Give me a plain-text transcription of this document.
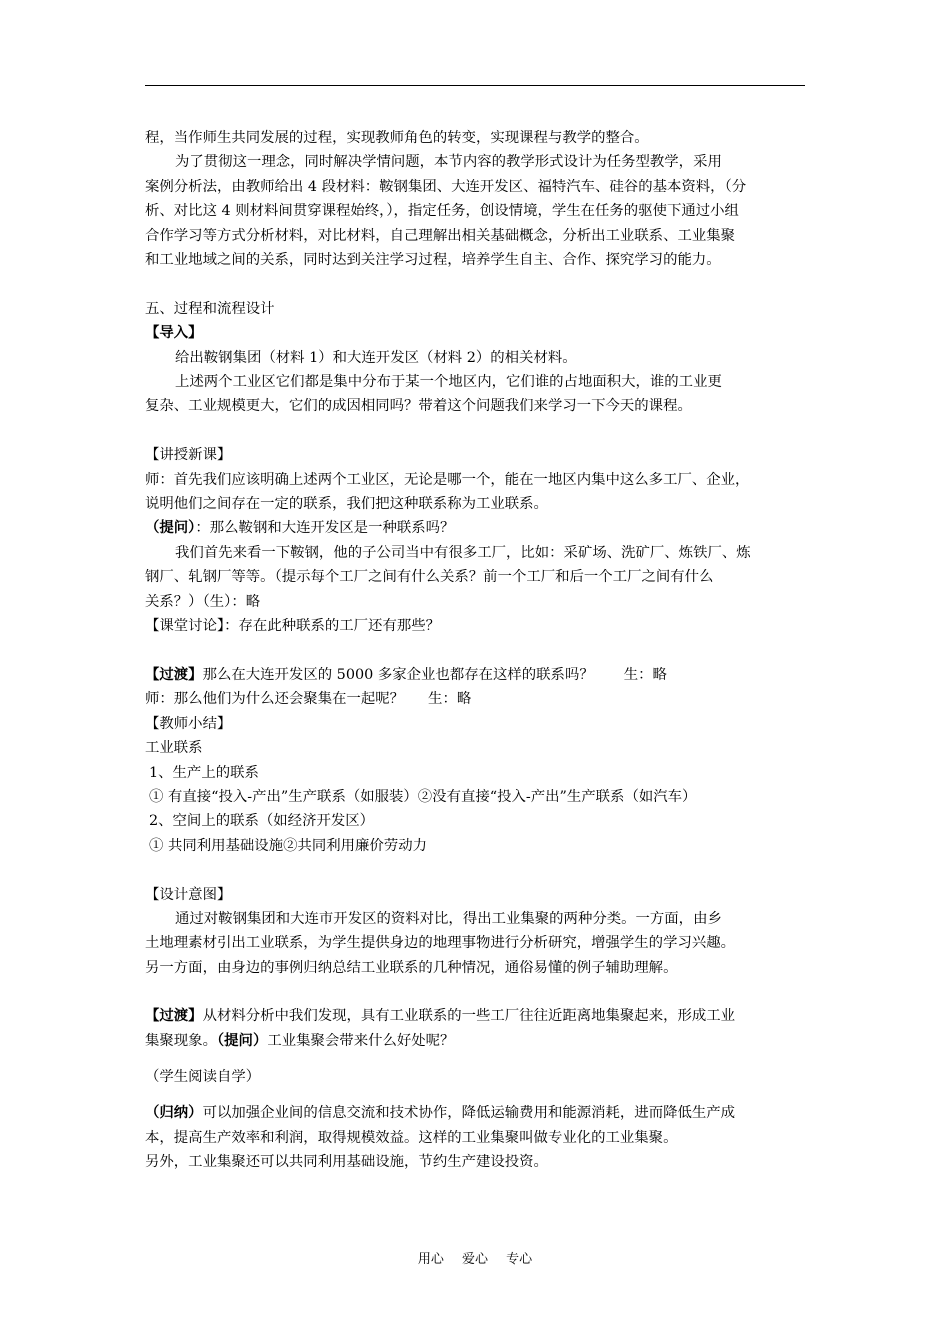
程，当作师生共同发展的过程，实现教师角色的转变，实现课程与教学的整合。

为了贯彻这一理念，同时解决学情问题，本节内容的教学形式设计为任务型教学，采用

案例分析法，由教师给出 4 段材料：鞍钢集团、大连开发区、福特汽车、硅谷的基本资料，（分

析、对比这 4 则材料间贯穿课程始终，），指定任务，创设情境，学生在任务的驱使下通过小组

合作学习等方式分析材料，对比材料，自己理解出相关基础概念，分析出工业联系、工业集聚

和工业地域之间的关系，同时达到关注学习过程，培养学生自主、合作、探究学习的能力。

五、过程和流程设计

【导入】

给出鞍钢集团（材料 1）和大连开发区（材料 2）的相关材料。

上述两个工业区它们都是集中分布于某一个地区内，它们谁的占地面积大，谁的工业更

复杂、工业规模更大，它们的成因相同吗？带着这个问题我们来学习一下今天的课程。

【讲授新课】

师：首先我们应该明确上述两个工业区，无论是哪一个，能在一地区内集中这么多工厂、企业，

说明他们之间存在一定的联系，我们把这种联系称为工业联系。

（提问）：那么鞍钢和大连开发区是一种联系吗？

我们首先来看一下鞍钢，他的子公司当中有很多工厂，比如：采矿场、洗矿厂、炼铁厂、炼

钢厂、轧钢厂等等。（提示每个工厂之间有什么关系？前一个工厂和后一个工厂之间有什么

关系？）（生）：略

【课堂讨论】：存在此种联系的工厂还有那些？

【过渡】那么在大连开发区的 5000 多家企业也都存在这样的联系吗？ 生：略

师：那么他们为什么还会聚集在一起呢？ 生：略

【教师小结】

工业联系

1、生产上的联系

① 有直接“投入-产出”生产联系（如服装）②没有直接“投入-产出”生产联系（如汽车）

2、空间上的联系（如经济开发区）

① 共同利用基础设施②共同利用廉价劳动力

【设计意图】

通过对鞍钢集团和大连市开发区的资料对比，得出工业集聚的两种分类。一方面，由乡

土地理素材引出工业联系，为学生提供身边的地理事物进行分析研究，增强学生的学习兴趣。

另一方面，由身边的事例归纳总结工业联系的几种情况，通俗易懂的例子辅助理解。

【过渡】从材料分析中我们发现，具有工业联系的一些工厂往往近距离地集聚起来，形成工业

集聚现象。（提问）工业集聚会带来什么好处呢？

（学生阅读自学）

（归纳）可以加强企业间的信息交流和技术协作，降低运输费用和能源消耗，进而降低生产成

本，提高生产效率和利润，取得规模效益。这样的工业集聚叫做专业化的工业集聚。

另外，工业集聚还可以共同利用基础设施，节约生产建设投资。

用心 爱心 专心
